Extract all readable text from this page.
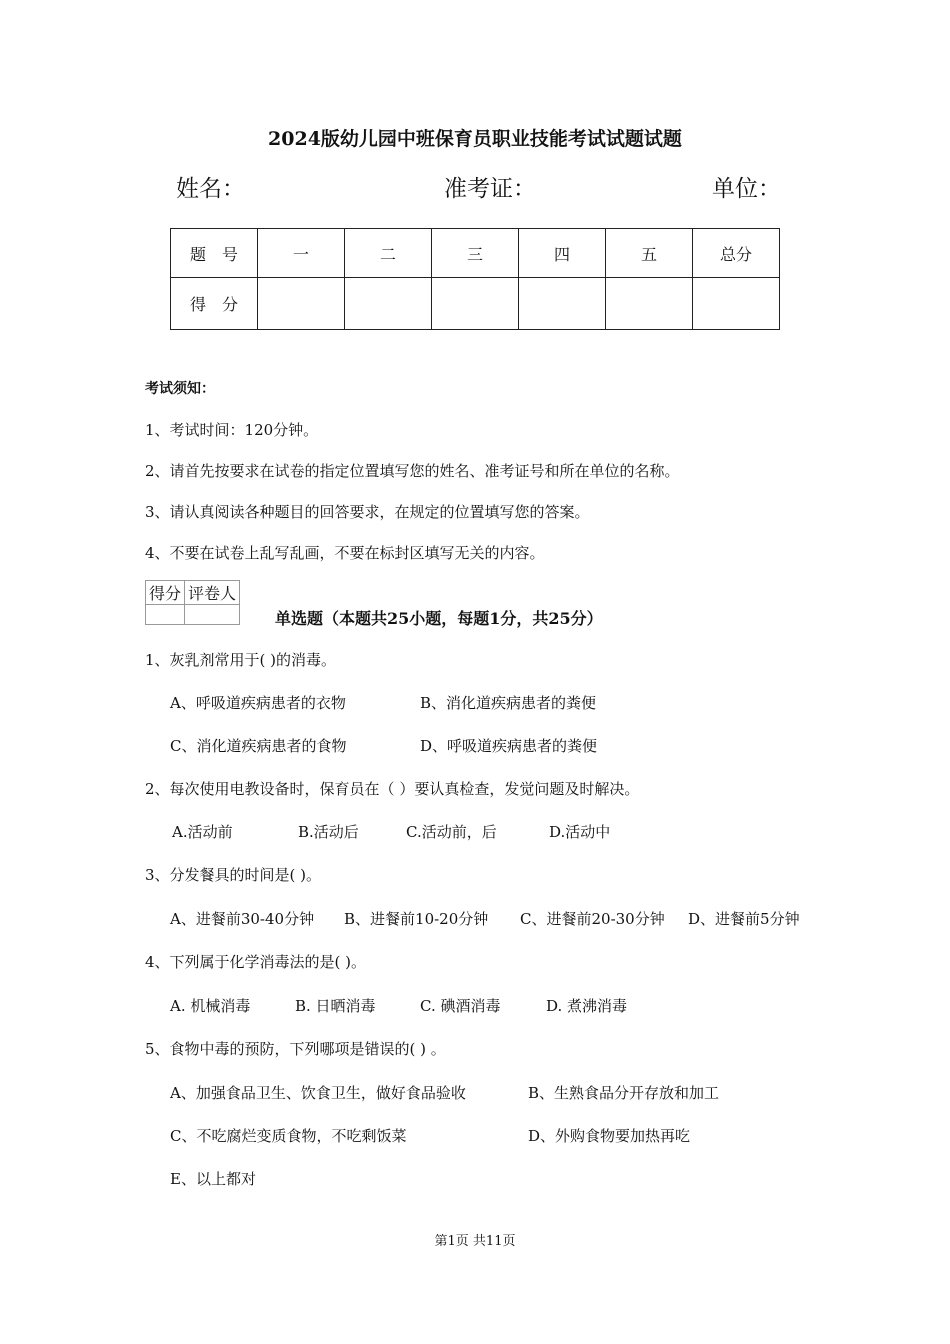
2024版幼儿园中班保育员职业技能考试试题试题
姓名：	准考证：	单位：
题　号	一	二	三	四	五	总分
得　分						
考试须知：
1、考试时间：120分钟。
2、请首先按要求在试卷的指定位置填写您的姓名、准考证号和所在单位的名称。
3、请认真阅读各种题目的回答要求，在规定的位置填写您的答案。
4、不要在试卷上乱写乱画，不要在标封区填写无关的内容。
得分	评卷人

单选题（本题共25小题，每题1分，共25分）
1、灰乳剂常用于( )的消毒。
A、呼吸道疾病患者的衣物	B、消化道疾病患者的粪便
C、消化道疾病患者的食物	D、呼吸道疾病患者的粪便
2、每次使用电教设备时，保育员在（ ）要认真检查，发觉问题及时解决。
A.活动前	B.活动后	C.活动前，后	D.活动中
3、分发餐具的时间是( )。
A、进餐前30-40分钟 B、进餐前10-20分钟 C、进餐前20-30分钟 D、进餐前5分钟
4、下列属于化学消毒法的是( )。
A. 机械消毒	B. 日晒消毒	C. 碘酒消毒	D. 煮沸消毒
5、食物中毒的预防，下列哪项是错误的( ) 。
A、加强食品卫生、饮食卫生，做好食品验收	B、生熟食品分开存放和加工
C、不吃腐烂变质食物，不吃剩饭菜	D、外购食物要加热再吃
E、以上都对
第1页 共11页
